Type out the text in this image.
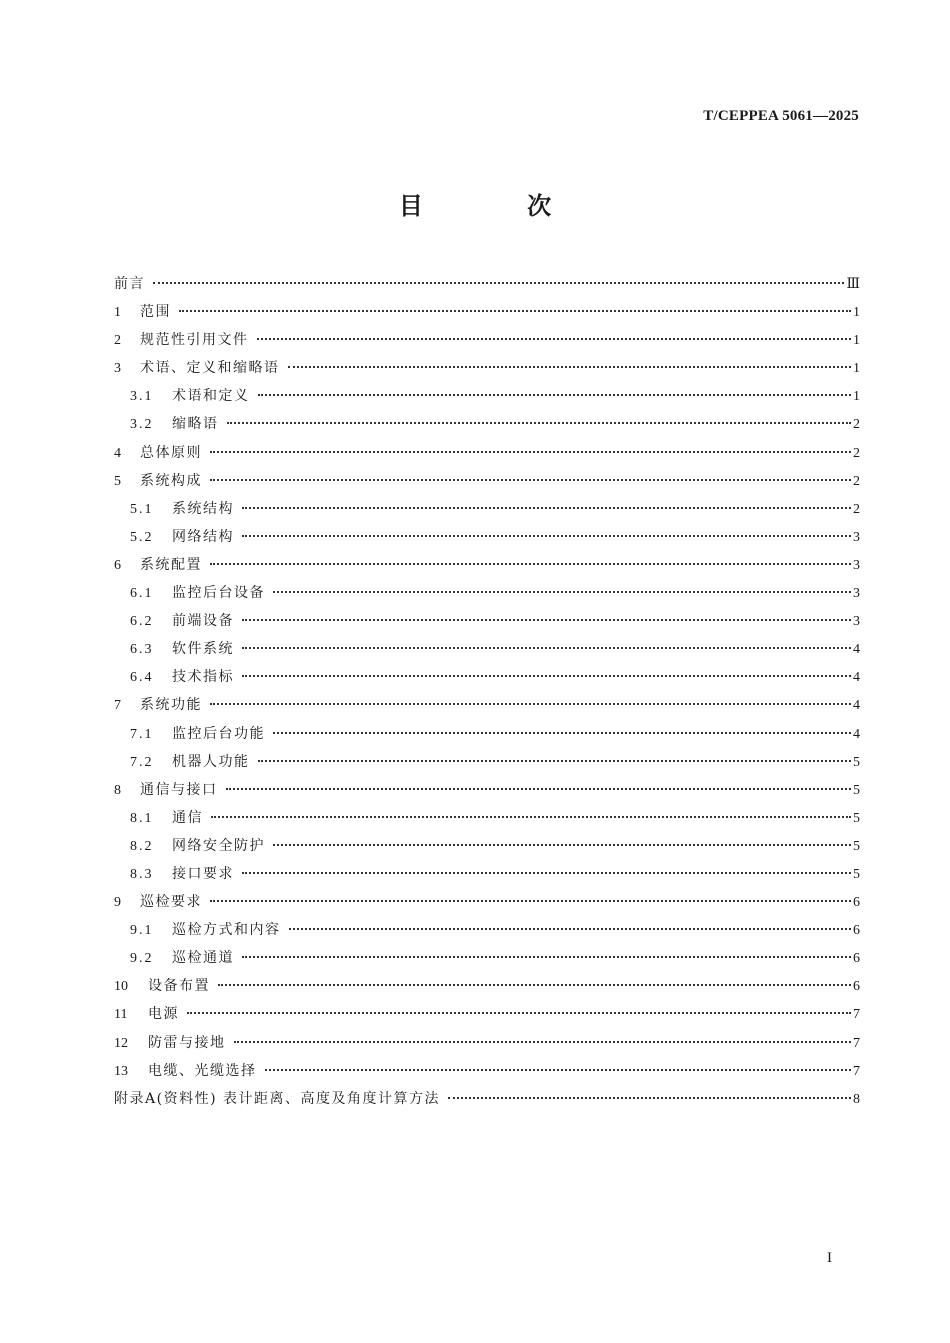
T/CEPPEA 5061—2025
目 次
前言	Ⅲ
1	范围	1
2	规范性引用文件	1
3	术语、定义和缩略语	1
3.1	术语和定义	1
3.2	缩略语	2
4	总体原则	2
5	系统构成	2
5.1	系统结构	2
5.2	网络结构	3
6	系统配置	3
6.1	监控后台设备	3
6.2	前端设备	3
6.3	软件系统	4
6.4	技术指标	4
7	系统功能	4
7.1	监控后台功能	4
7.2	机器人功能	5
8	通信与接口	5
8.1	通信	5
8.2	网络安全防护	5
8.3	接口要求	5
9	巡检要求	6
9.1	巡检方式和内容	6
9.2	巡检通道	6
10	设备布置	6
11	电源	7
12	防雷与接地	7
13	电缆、光缆选择	7
附录A(资料性) 表计距离、高度及角度计算方法	8
I
